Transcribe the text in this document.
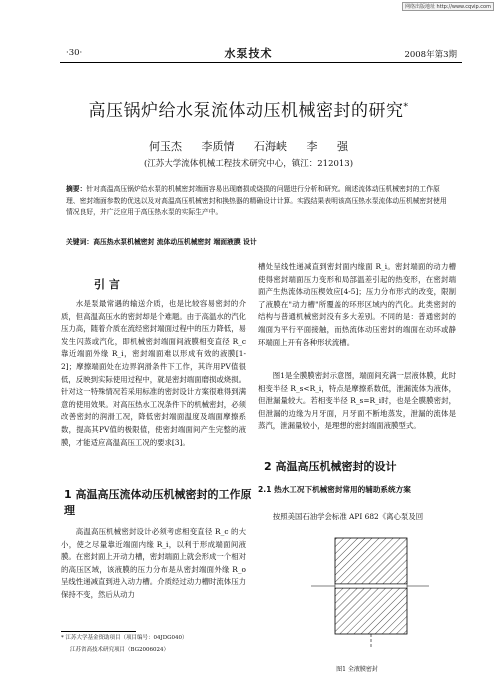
网络出版地址 http://www.cqvip.com
·30·	水泵技术	2008年第3期
高压锅炉给水泵流体动压机械密封的研究*
何玉杰 李质情 石海峡 李 强
(江苏大学流体机械工程技术研究中心，镇江：212013)
摘要：针对高温高压锅炉给水泵的机械密封端面容易出现磨损或烧损的问题进行分析和研究。阐述流体动压机械密封的工作原理、密封端面参数的优选以及对高温高压机械密封和换热器的精确设计计算。实践结果表明该高压热水泵流体动压机械密封使用情况良好，并广泛应用于高压热水泵的实际生产中。
关键词：高压热水泵机械密封 流体动压机械密封 端面液膜 设计
引 言
水是泵最常遇的输送介质，也是比较容易密封的介质，但高温高压水的密封却是个难题。由于高温水的汽化压力高，随着介质在流经密封端面过程中的压力降低，易发生闪蒸或汽化，即机械密封端面间液膜相变直径 R_c 靠近端面外缘 R_i，密封端面难以形成有效的液膜[1-2]；摩擦端面处在边界润滑条件下工作，其许用PV值很低，反映到实际使用过程中，就是密封端面磨损或烧损。针对这一特殊情况若采用标准的密封设计方案很难得到满意的使用效果。对高压热水工况条件下的机械密封，必须改善密封的润滑工况，降低密封端面温度及端面摩擦系数，提高其PV值的极限值，使密封端面间产生完整的液膜，才能适应高温高压工况的要求[3]。
1 高温高压流体动压机械密封的工作原理
高温高压机械密封设计必须考虑相变直径 R_c 的大小，使之尽量靠近端面内缘 R_i，以利于形成端面间液膜。在密封面上开动力槽，密封端面上就会形成一个相对的高压区域，该液膜的压力分布是从密封端面外缘 R_o 呈线性递减直到进入动力槽。介质经过动力槽时流体压力保持不变，然后从动力
* 江苏大学基金资助项目（项目编号：04JDG040）
江苏省高技术研究项目（BG2006024）
槽处呈线性递减直到密封面内缘面 R_i。密封端面的动力槽使得密封端面压力变形和局部温差引起的热变形，在密封端面产生热流体动压楔效应[4-5]；压力分布形式的改变，限制了液膜在"动力槽"所覆盖的环形区域内的汽化。此类密封的结构与普通机械密封没有多大差别。不同的是：普通密封的端面为平行平面接触，而热流体动压密封的端面在动环或静环端面上开有各种形状流槽。
图1是全膜膜密封示意图，端面间充满一层液体膜，此时相变半径 R_s<R_i，特点是摩擦系数低，泄漏流体为液体，但泄漏量较大。若相变半径 R_s=R_i时，也是全膜膜密封，但泄漏的边缘为月牙面，月牙面不断地蒸发，泄漏的流体是蒸汽，泄漏量较小，是理想的密封端面液膜型式。
2 高温高压机械密封的设计
2.1 热水工况下机械密封常用的辅助系统方案
按照美国石油学会标准 API 682《离心泵及回
图1 全液膜密封
